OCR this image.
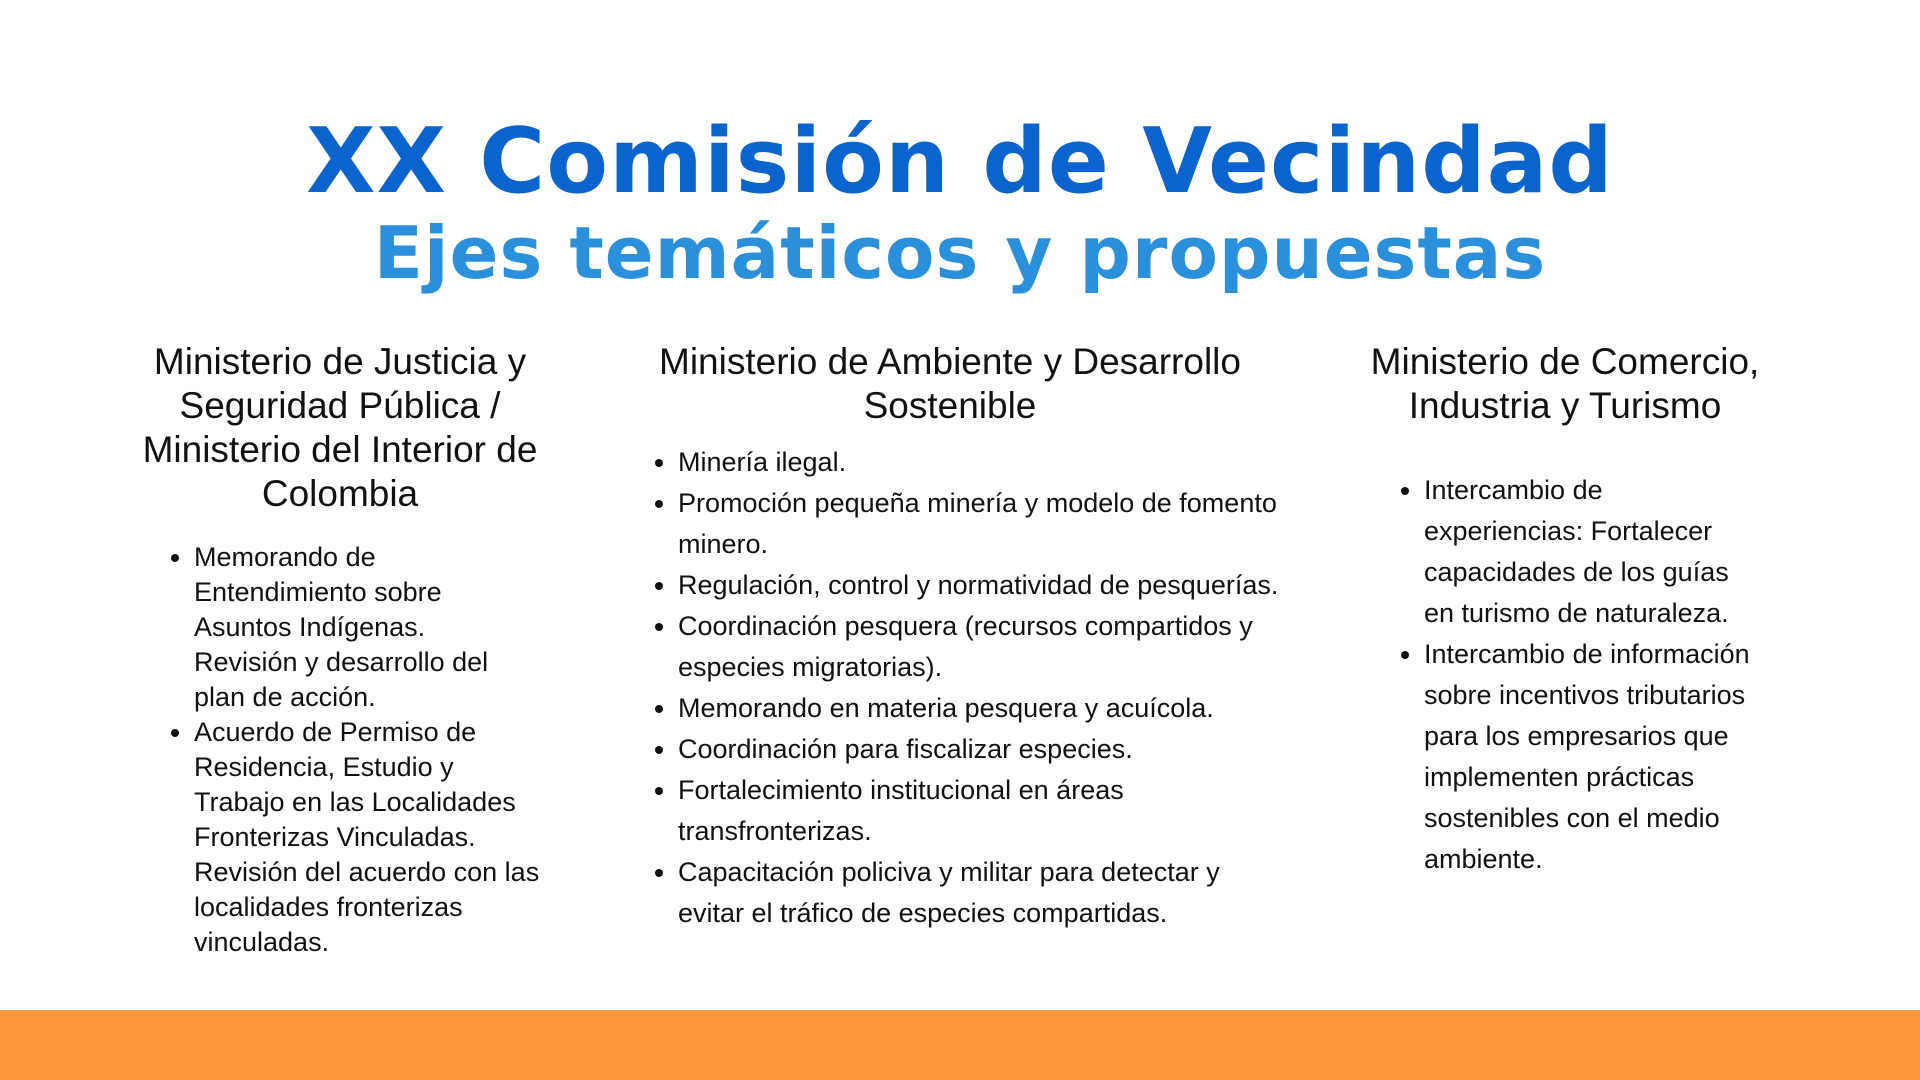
XX Comisión de Vecindad
Ejes temáticos y propuestas
Ministerio de Justicia y Seguridad Pública / Ministerio del Interior de Colombia

• Memorando de Entendimiento sobre Asuntos Indígenas.

Revisión y desarrollo del plan de acción.

• Acuerdo de Permiso de Residencia, Estudio y Trabajo en las Localidades Fronterizas Vinculadas.

Revisión del acuerdo con las localidades fronterizas vinculadas.

Ministerio de Ambiente y Desarrollo Sostenible
• Minería ilegal.
• Promoción pequeña minería y modelo de fomento minero.
• Regulación, control y normatividad de pesquerías.
• Coordinación pesquera (recursos compartidos y especies migratorias).
• Memorando en materia pesquera y acuícola.
• Coordinación para fiscalizar especies.
• Fortalecimiento institucional en áreas transfronterizas.
• Capacitación policiva y militar para detectar y evitar el tráfico de especies compartidas.
Ministerio de Comercio, Industria y Turismo
• Intercambio de experiencias: Fortalecer capacidades de los guías en turismo de naturaleza.
• Intercambio de información sobre incentivos tributarios para los empresarios que implementen prácticas sostenibles con el medio ambiente.
